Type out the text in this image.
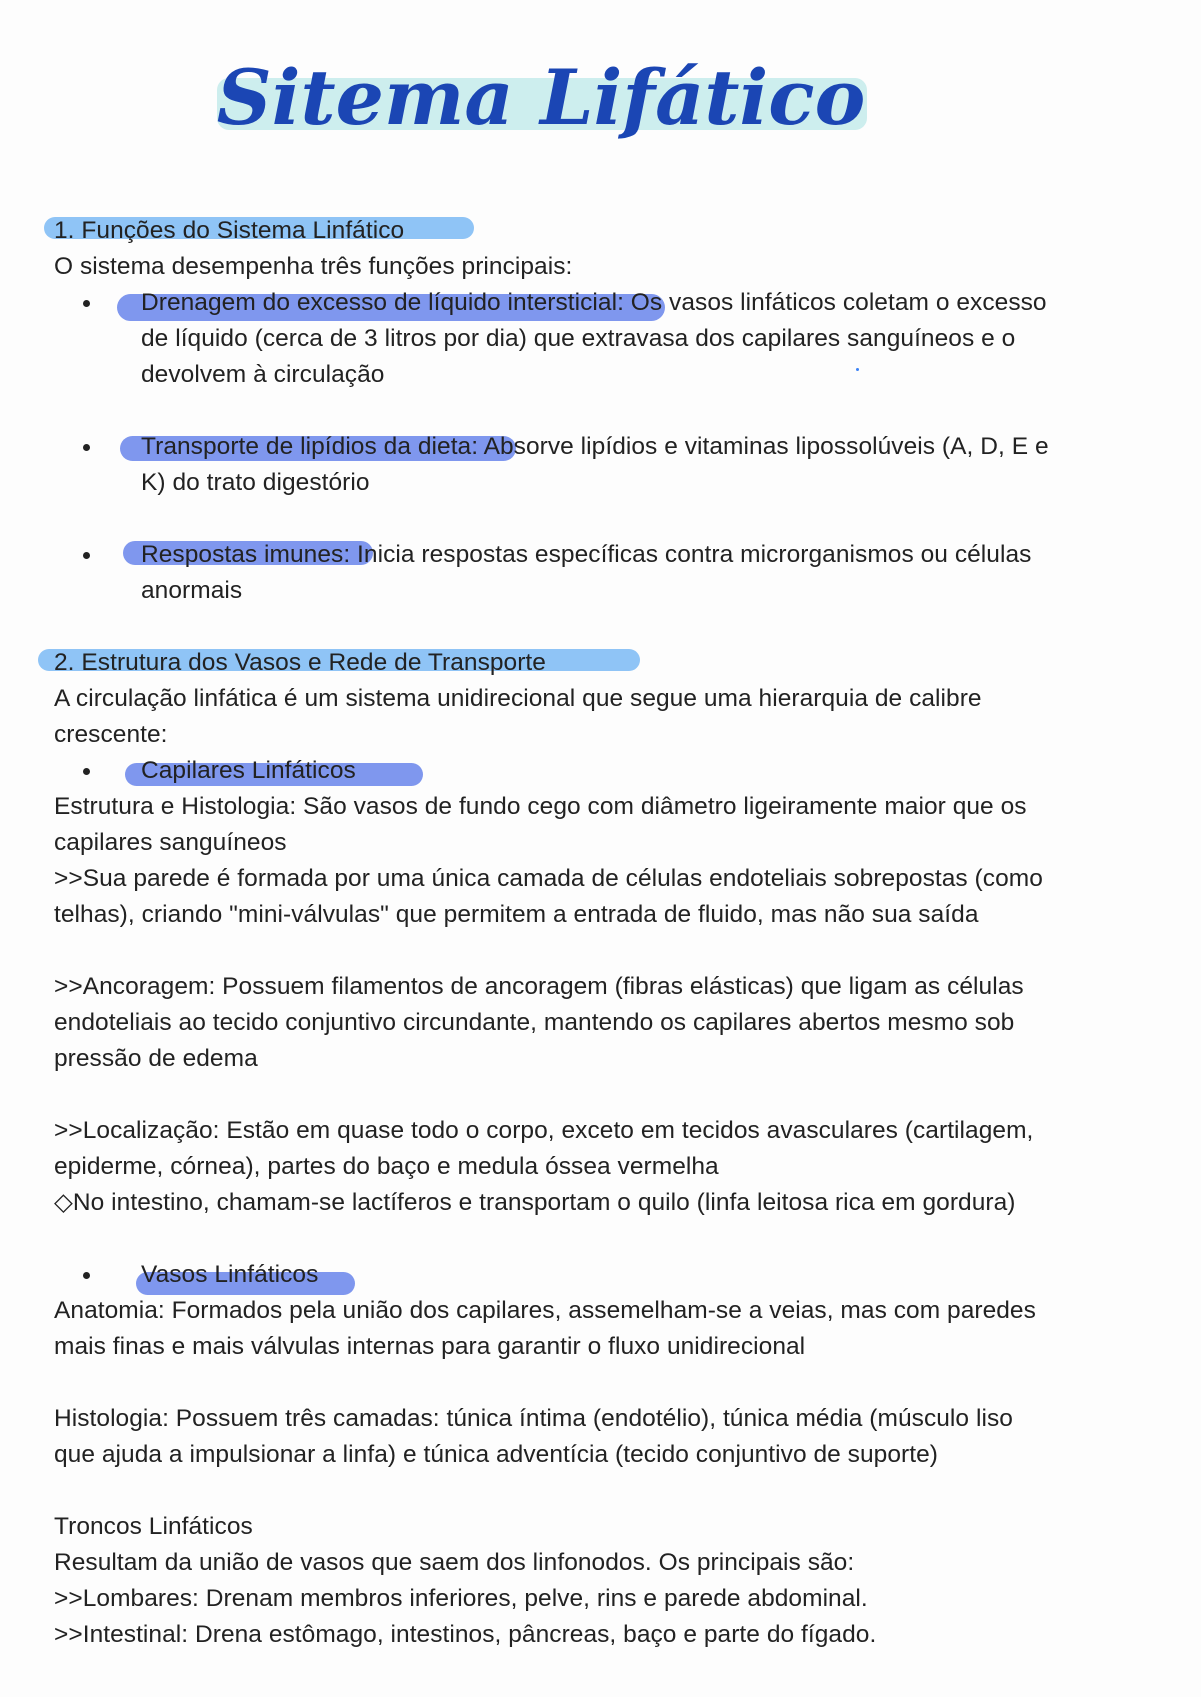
Sitema Lifático
1. Funções do Sistema Linfático
O sistema desempenha três funções principais:
Drenagem do excesso de líquido intersticial: Os vasos linfáticos coletam o excesso
de líquido (cerca de 3 litros por dia) que extravasa dos capilares sanguíneos e o
devolvem à circulação
Transporte de lipídios da dieta: Absorve lipídios e vitaminas lipossolúveis (A, D, E e
K) do trato digestório
Respostas imunes: Inicia respostas específicas contra microrganismos ou células
anormais
2. Estrutura dos Vasos e Rede de Transporte
A circulação linfática é um sistema unidirecional que segue uma hierarquia de calibre
crescente:
Capilares Linfáticos
Estrutura e Histologia: São vasos de fundo cego com diâmetro ligeiramente maior que os
capilares sanguíneos
>>Sua parede é formada por uma única camada de células endoteliais sobrepostas (como
telhas), criando "mini-válvulas" que permitem a entrada de fluido, mas não sua saída
>>Ancoragem: Possuem filamentos de ancoragem (fibras elásticas) que ligam as células
endoteliais ao tecido conjuntivo circundante, mantendo os capilares abertos mesmo sob
pressão de edema
>>Localização: Estão em quase todo o corpo, exceto em tecidos avasculares (cartilagem,
epiderme, córnea), partes do baço e medula óssea vermelha
◇No intestino, chamam-se lactíferos e transportam o quilo (linfa leitosa rica em gordura)
Vasos Linfáticos
Anatomia: Formados pela união dos capilares, assemelham-se a veias, mas com paredes
mais finas e mais válvulas internas para garantir o fluxo unidirecional
Histologia: Possuem três camadas: túnica íntima (endotélio), túnica média (músculo liso
que ajuda a impulsionar a linfa) e túnica adventícia (tecido conjuntivo de suporte)
Troncos Linfáticos
Resultam da união de vasos que saem dos linfonodos. Os principais são:
>>Lombares: Drenam membros inferiores, pelve, rins e parede abdominal.
>>Intestinal: Drena estômago, intestinos, pâncreas, baço e parte do fígado.
